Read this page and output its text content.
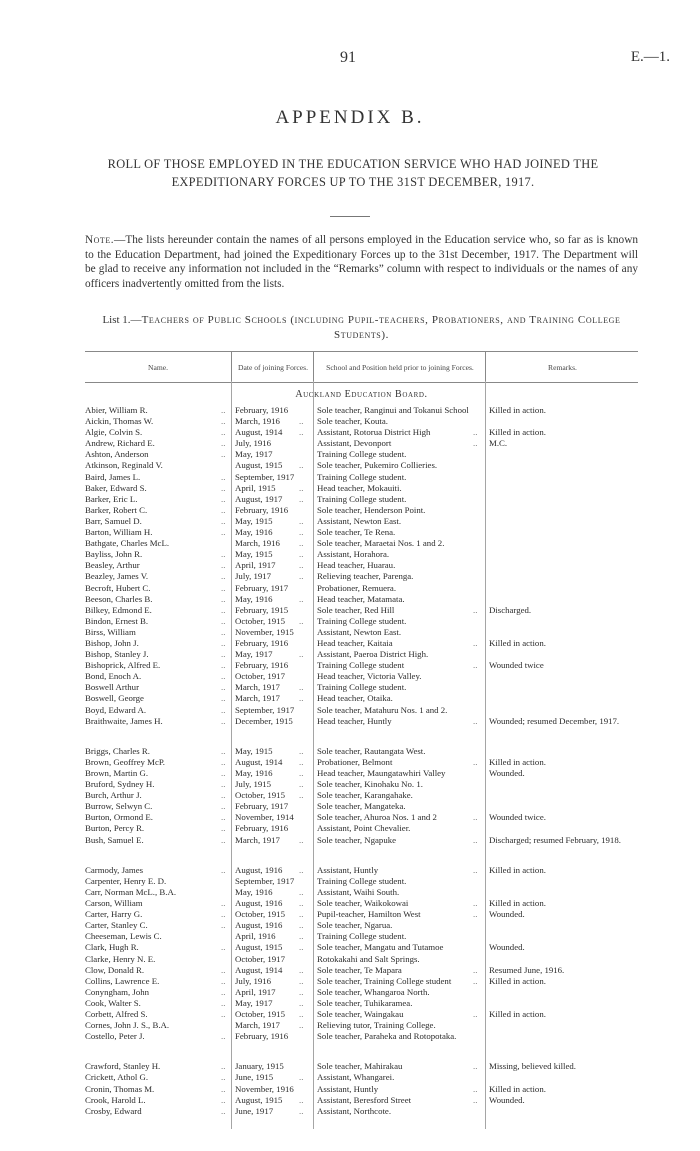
91	E.—1.
APPENDIX B.
ROLL OF THOSE EMPLOYED IN THE EDUCATION SERVICE WHO HAD JOINED THE EXPEDITIONARY FORCES UP TO THE 31ST DECEMBER, 1917.
Note.—The lists hereunder contain the names of all persons employed in the Education service who, so far as is known to the Education Department, had joined the Expeditionary Forces up to the 31st December, 1917. The Department will be glad to receive any information not included in the “Remarks” column with respect to individuals or the names of any officers inadvertently omitted from the lists.
List 1.—Teachers of Public Schools (including Pupil-teachers, Probationers, and Training College Students).
Name.	Date of joining Forces.	School and Position held prior to joining Forces.	Remarks.
Auckland Education Board.
Abier, William R.	February, 1916	Sole teacher, Ranginui and Tokanui School	Killed in action.
..
Aickin, Thomas W.	March, 1916	Sole teacher, Kouta.
..	..
Algie, Colvin S.	August, 1914	Assistant, Rotorua District High	Killed in action.
..	..	..
Andrew, Richard E.	July, 1916	Assistant, Devonport	M.C.
..	..
Ashton, Anderson	May, 1917	Training College student.
..
Atkinson, Reginald V.	August, 1915	Sole teacher, Pukemiro Collieries.
..
Baird, James L.	September, 1917	Training College student.
..
Baker, Edward S.	April, 1915	Head teacher, Mokauiti.
..	..
Barker, Eric L.	August, 1917	Training College student.
..	..
Barker, Robert C.	February, 1916	Sole teacher, Henderson Point.
..
Barr, Samuel D.	May, 1915	Assistant, Newton East.
..	..
Barton, William H.	May, 1916	Sole teacher, Te Rena.
..	..
Bathgate, Charles McL.	March, 1916	Sole teacher, Maraetai Nos. 1 and 2.
..
Bayliss, John R.	May, 1915	Assistant, Horahora.
..	..
Beasley, Arthur	April, 1917	Head teacher, Huarau.
..	..
Beazley, James V.	July, 1917	Relieving teacher, Parenga.
..	..
Becroft, Hubert C.	February, 1917	Probationer, Remuera.
..
Beeson, Charles B.	May, 1916	Head teacher, Matamata.
..	..
Bilkey, Edmond E.	February, 1915	Sole teacher, Red Hill	Discharged.
..	..
Bindon, Ernest B.	October, 1915	Training College student.
..	..
Birss, William	November, 1915	Assistant, Newton East.
..
Bishop, John J.	February, 1916	Head teacher, Kaitaia	Killed in action.
..	..
Bishop, Stanley J.	May, 1917	Assistant, Paeroa District High.
..	..
Bishoprick, Alfred E.	February, 1916	Training College student	Wounded twice
..	..
Bond, Enoch A.	October, 1917	Head teacher, Victoria Valley.
..
Boswell Arthur	March, 1917	Training College student.
..	..
Boswell, George	March, 1917	Head teacher, Otaika.
..	..
Boyd, Edward A.	September, 1917	Sole teacher, Matahuru Nos. 1 and 2.
..
Braithwaite, James H.	December, 1915	Head teacher, Huntly	Wounded; resumed December, 1917.
..	..
Briggs, Charles R.	May, 1915	Sole teacher, Rautangata West.
..	..
Brown, Geoffrey McP.	August, 1914	Probationer, Belmont	Killed in action.
..	..	..
Brown, Martin G.	May, 1916	Head teacher, Maungatawhiri Valley	Wounded.
..	..
Bruford, Sydney H.	July, 1915	Sole teacher, Kinohaku No. 1.
..	..
Burch, Arthur J.	October, 1915	Sole teacher, Karangahake.
..	..
Burrow, Selwyn C.	February, 1917	Sole teacher, Mangateka.
..
Burton, Ormond E.	November, 1914	Sole teacher, Ahuroa Nos. 1 and 2	Wounded twice.
..	..
Burton, Percy R.	February, 1916	Assistant, Point Chevalier.
..
Bush, Samuel E.	March, 1917	Sole teacher, Ngapuke	Discharged; resumed February, 1918.
..	..	..
Carmody, James	August, 1916	Assistant, Huntly	Killed in action.
..	..	..
Carpenter, Henry E. D.	September, 1917	Training College student.
Carr, Norman McL., B.A.	May, 1916	Assistant, Waihi South.
..
Carson, William	August, 1916	Sole teacher, Waikokowai	Killed in action.
..	..	..
Carter, Harry G.	October, 1915	Pupil-teacher, Hamilton West	Wounded.
..	..	..
Carter, Stanley C.	August, 1916	Sole teacher, Ngarua.
..	..
Cheeseman, Lewis C.	April, 1916	Training College student.
..
Clark, Hugh R.	August, 1915	Sole teacher, Mangatu and Tutamoe	Wounded.
..	..
Clarke, Henry N. E.	October, 1917	Rotokakahi and Salt Springs.
Clow, Donald R.	August, 1914	Sole teacher, Te Mapara	Resumed June, 1916.
..	..	..
Collins, Lawrence E.	July, 1916	Sole teacher, Training College student	Killed in action.
..	..	..
Conyngham, John	April, 1917	Sole teacher, Whangaroa North.
..	..
Cook, Walter S.	May, 1917	Sole teacher, Tuhikaramea.
..	..
Corbett, Alfred S.	October, 1915	Sole teacher, Waingakau	Killed in action.
..	..	..
Cornes, John J. S., B.A.	March, 1917	Relieving tutor, Training College.
..
Costello, Peter J.	February, 1916	Sole teacher, Paraheka and Rotopotaka.
..
Crawford, Stanley H.	January, 1915	Sole teacher, Mahirakau	Missing, believed killed.
..	..
Crickett, Athol G.	June, 1915	Assistant, Whangarei.
..	..
Cronin, Thomas M.	November, 1916	Assistant, Huntly	Killed in action.
..	..
Crook, Harold L.	August, 1915	Assistant, Beresford Street	Wounded.
..	..	..
Crosby, Edward	June, 1917	Assistant, Northcote.
..	..
